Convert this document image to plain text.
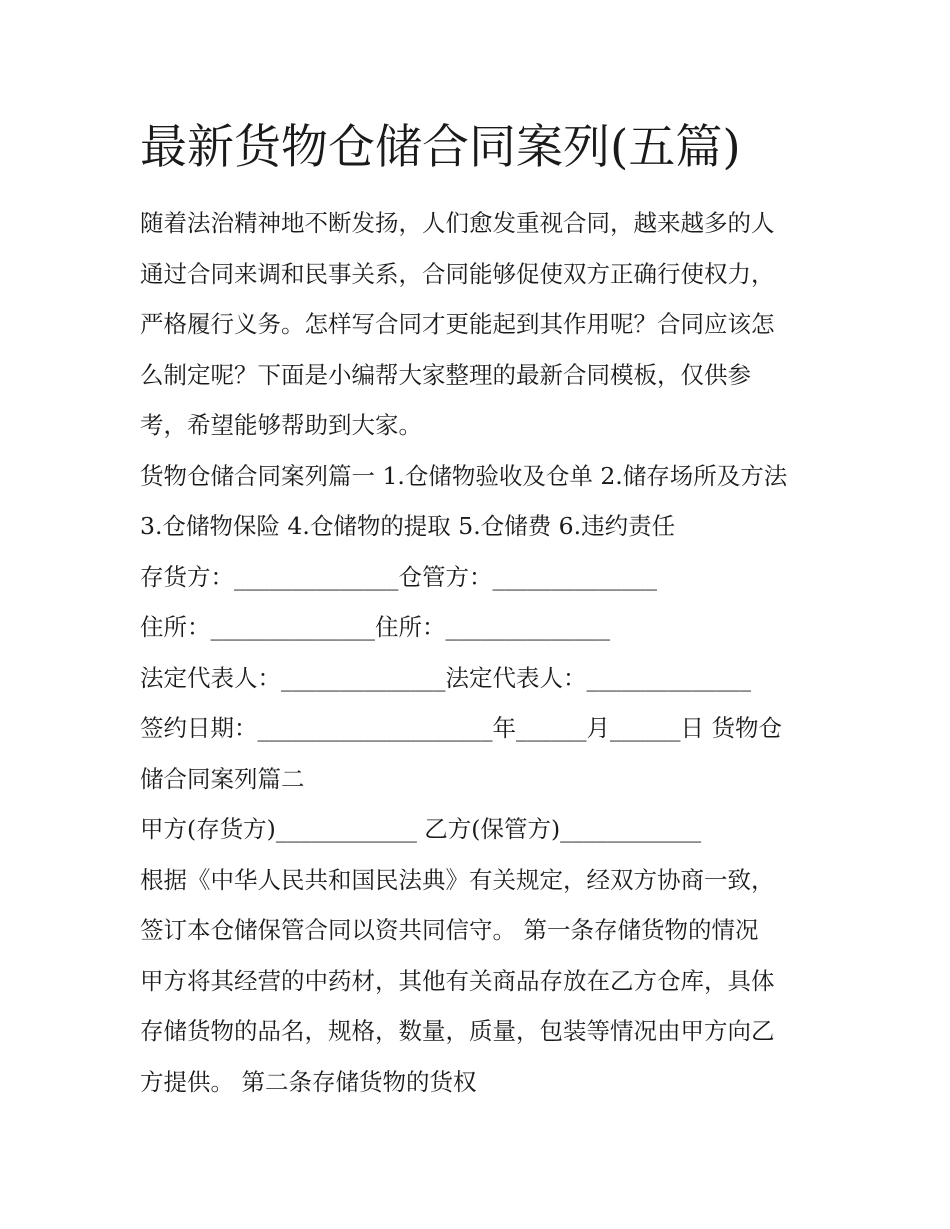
最新货物仓储合同案列(五篇)

随着法治精神地不断发扬，人们愈发重视合同，越来越多的人

通过合同来调和民事关系，合同能够促使双方正确行使权力，

严格履行义务。怎样写合同才更能起到其作用呢？合同应该怎

么制定呢？下面是小编帮大家整理的最新合同模板，仅供参

考，希望能够帮助到大家。

货物仓储合同案列篇一 1.仓储物验收及仓单 2.储存场所及方法

3.仓储物保险 4.仓储物的提取 5.仓储费 6.违约责任

存货方：______________仓管方：______________

住所：______________住所：______________

法定代表人：______________法定代表人：______________

签约日期：____________________年______月______日 货物仓

储合同案列篇二

甲方(存货方)____________ 乙方(保管方)____________

根据《中华人民共和国民法典》有关规定，经双方协商一致，

签订本仓储保管合同以资共同信守。 第一条存储货物的情况

甲方将其经营的中药材，其他有关商品存放在乙方仓库，具体

存储货物的品名，规格，数量，质量，包装等情况由甲方向乙

方提供。 第二条存储货物的货权
